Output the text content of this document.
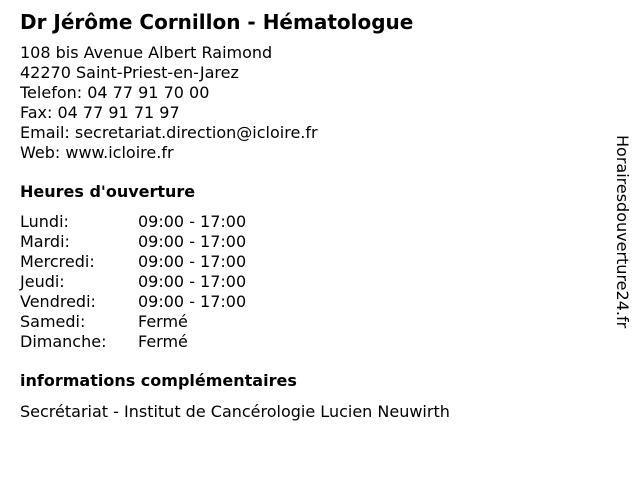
Dr Jérôme Cornillon - Hématologue
108 bis Avenue Albert Raimond
42270 Saint-Priest-en-Jarez
Telefon: 04 77 91 70 00
Fax: 04 77 91 71 97
Email: secretariat.direction@icloire.fr
Web: www.icloire.fr
Heures d'ouverture
Lundi:	09:00 - 17:00
Mardi:	09:00 - 17:00
Mercredi:	09:00 - 17:00
Jeudi:	09:00 - 17:00
Vendredi:	09:00 - 17:00
Samedi:	Fermé
Dimanche:	Fermé
informations complémentaires
Secrétariat - Institut de Cancérologie Lucien Neuwirth
Horairesdouverture24.fr
